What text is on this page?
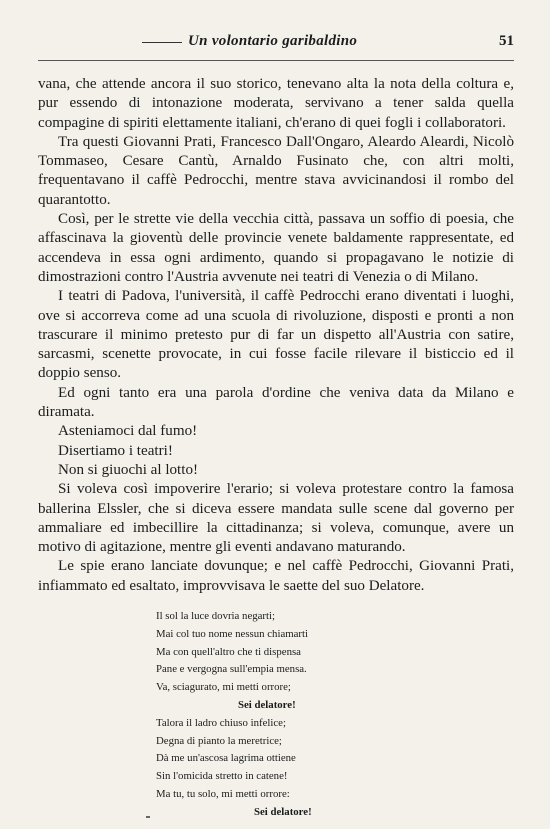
Un volontario garibaldino	51

vana, che attende ancora il suo storico, tenevano alta la nota della coltura e, pur essendo di intonazione moderata, servivano a tener salda quella compagine di spiriti elettamente italiani, ch'erano di quei fogli i collaboratori.

Tra questi Giovanni Prati, Francesco Dall'Ongaro, Aleardo Aleardi, Nicolò Tommaseo, Cesare Cantù, Arnaldo Fusinato che, con altri molti, frequentavano il caffè Pedrocchi, mentre stava avvicinandosi il rombo del quarantotto.

Così, per le strette vie della vecchia città, passava un soffio di poesia, che affascinava la gioventù delle provincie venete baldamente rappresentate, ed accendeva in essa ogni ardimento, quando si propagavano le notizie di dimostrazioni contro l'Austria avvenute nei teatri di Venezia o di Milano.

I teatri di Padova, l'università, il caffè Pedrocchi erano diventati i luoghi, ove si accorreva come ad una scuola di rivoluzione, disposti e pronti a non trascurare il minimo pretesto pur di far un dispetto all'Austria con satire, sarcasmi, scenette provocate, in cui fosse facile rilevare il bisticcio ed il doppio senso.

Ed ogni tanto era una parola d'ordine che veniva data da Milano e diramata.

Asteniamoci dal fumo!
Disertiamo i teatri!
Non si giuochi al lotto!

Si voleva così impoverire l'erario; si voleva protestare contro la famosa ballerina Elssler, che si diceva essere mandata sulle scene dal governo per ammaliare ed imbecillire la cittadinanza; si voleva, comunque, avere un motivo di agitazione, mentre gli eventi andavano maturando.

Le spie erano lanciate dovunque; e nel caffè Pedrocchi, Giovanni Prati, infiammato ed esaltato, improvvisava le saette del suo Delatore.

Il sol la luce dovria negarti;
Mai col tuo nome nessun chiamarti
Ma con quell'altro che ti dispensa
Pane e vergogna sull'empia mensa.
Va, sciagurato, mi metti orrore;
Sei delatore!
Talora il ladro chiuso infelice;
Degna di pianto la meretrice;
Dà me un'ascosa lagrima ottiene
Sin l'omicida stretto in catene!
Ma tu, tu solo, mi metti orrore:
Sei delatore!
